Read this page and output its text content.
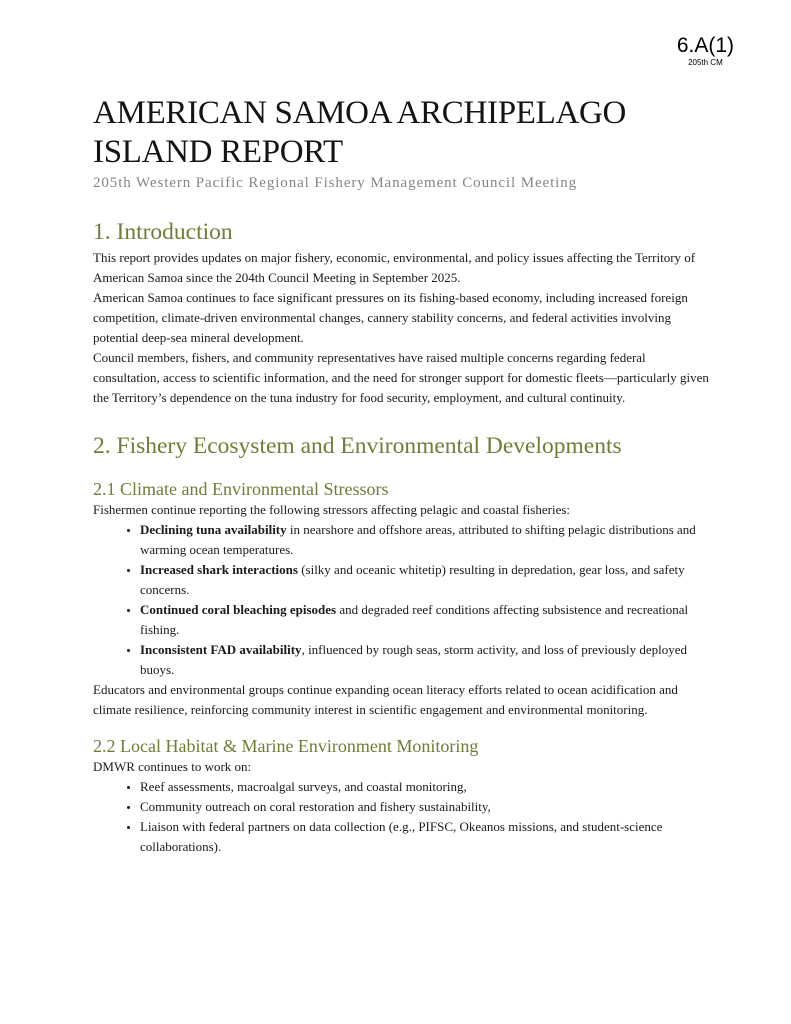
6.A(1)
205th CM
AMERICAN SAMOA ARCHIPELAGO
ISLAND REPORT
205th Western Pacific Regional Fishery Management Council Meeting
1. Introduction

This report provides updates on major fishery, economic, environmental, and policy issues affecting the Territory of American Samoa since the 204th Council Meeting in September 2025.

American Samoa continues to face significant pressures on its fishing-based economy, including increased foreign competition, climate-driven environmental changes, cannery stability concerns, and federal activities involving potential deep-sea mineral development.

Council members, fishers, and community representatives have raised multiple concerns regarding federal consultation, access to scientific information, and the need for stronger support for domestic fleets—particularly given the Territory’s dependence on the tuna industry for food security, employment, and cultural continuity.

2. Fishery Ecosystem and Environmental Developments
2.1 Climate and Environmental Stressors

Fishermen continue reporting the following stressors affecting pelagic and coastal fisheries:

• Declining tuna availability in nearshore and offshore areas, attributed to shifting pelagic distributions and warming ocean temperatures.
• Increased shark interactions (silky and oceanic whitetip) resulting in depredation, gear loss, and safety concerns.
• Continued coral bleaching episodes and degraded reef conditions affecting subsistence and recreational fishing.
• Inconsistent FAD availability, influenced by rough seas, storm activity, and loss of previously deployed buoys.

Educators and environmental groups continue expanding ocean literacy efforts related to ocean acidification and climate resilience, reinforcing community interest in scientific engagement and environmental monitoring.

2.2 Local Habitat & Marine Environment Monitoring

DMWR continues to work on:

• Reef assessments, macroalgal surveys, and coastal monitoring,
• Community outreach on coral restoration and fishery sustainability,
• Liaison with federal partners on data collection (e.g., PIFSC, Okeanos missions, and student-science collaborations).
